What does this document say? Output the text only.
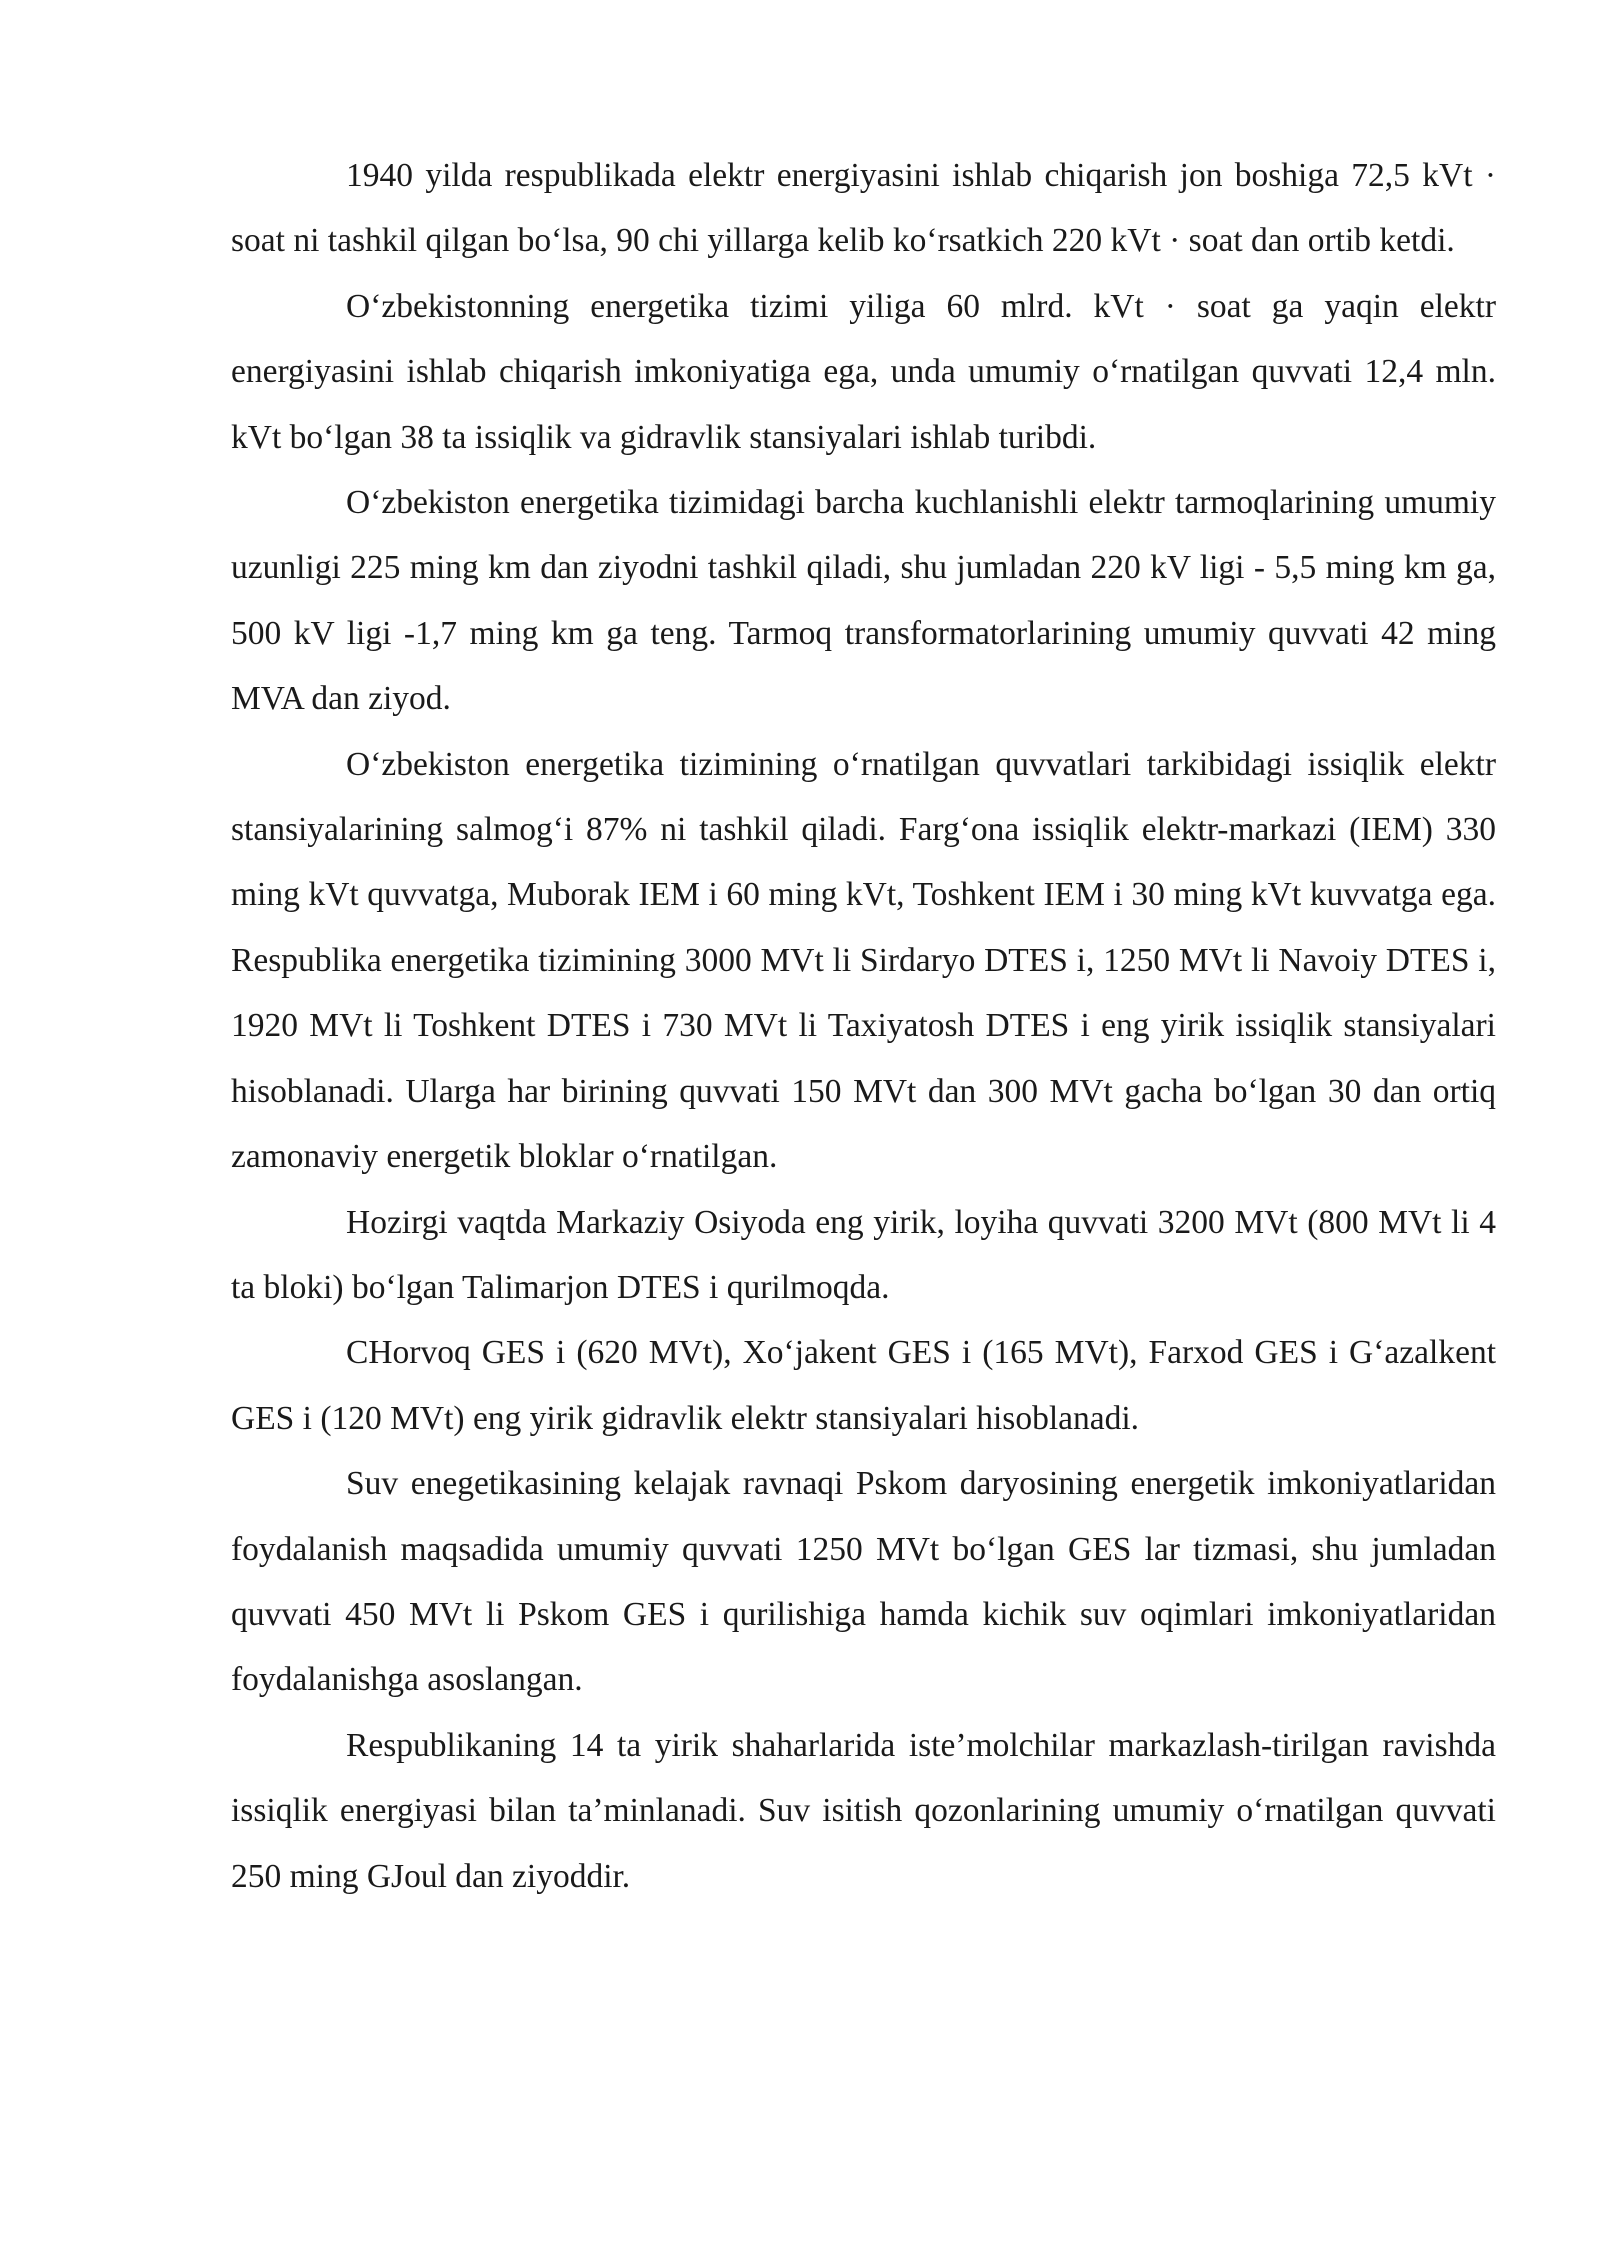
1940 yilda respublikada elektr energiyasini ishlab chiqarish jon boshiga 72,5 kVt · soat ni tashkil qilgan boʻlsa, 90 chi yillarga kelib koʻrsatkich 220 kVt · soat dan ortib ketdi.

Oʻzbekistonning energetika tizimi yiliga 60 mlrd. kVt · soat ga yaqin elektr energiyasini ishlab chiqarish imkoniyatiga ega, unda umumiy oʻrnatilgan quvvati 12,4 mln. kVt boʻlgan 38 ta issiqlik va gidravlik stansiyalari ishlab turibdi.

Oʻzbekiston energetika tizimidagi barcha kuchlanishli elektr tarmoqlarining umumiy uzunligi 225 ming km dan ziyodni tashkil qiladi, shu jumladan 220 kV ligi - 5,5 ming km ga, 500 kV ligi -1,7 ming km ga teng. Tarmoq transformatorlarining umumiy quvvati 42 ming MVA dan ziyod.

Oʻzbekiston energetika tizimining oʻrnatilgan quvvatlari tarkibidagi issiqlik elektr stansiyalarining salmogʻi 87% ni tashkil qiladi. Fargʻona issiqlik elektr-markazi (IEM) 330 ming kVt quvvatga, Muborak IEM i 60 ming kVt, Toshkent IEM i 30 ming kVt kuvvatga ega. Respublika energetika tizimining 3000 MVt li Sirdaryo DTES i, 1250 MVt li Navoiy DTES i, 1920 MVt li Toshkent DTES i 730 MVt li Taxiyatosh DTES i eng yirik issiqlik stansiyalari hisoblanadi. Ularga har birining quvvati 150 MVt dan 300 MVt gacha boʻlgan 30 dan ortiq zamonaviy energetik bloklar oʻrnatilgan.

Hozirgi vaqtda Markaziy Osiyoda eng yirik, loyiha quvvati 3200 MVt (800 MVt li 4 ta bloki) boʻlgan Talimarjon DTES i qurilmoqda.

CHorvoq GES i (620 MVt), Xoʻjakent GES i (165 MVt), Farxod GES i Gʻazalkent GES i (120 MVt) eng yirik gidravlik elektr stansiyalari hisoblanadi.

Suv enegetikasining kelajak ravnaqi Pskom daryosining energetik imkoniyatlaridan foydalanish maqsadida umumiy quvvati 1250 MVt boʻlgan GES lar tizmasi, shu jumladan quvvati 450 MVt li Pskom GES i qurilishiga hamda kichik suv oqimlari imkoniyatlaridan foydalanishga asoslangan.

Respublikaning 14 ta yirik shaharlarida iste’molchilar markazlash-tirilgan ravishda issiqlik energiyasi bilan ta’minlanadi. Suv isitish qozonlarining umumiy oʻrnatilgan quvvati 250 ming GJoul dan ziyoddir.
